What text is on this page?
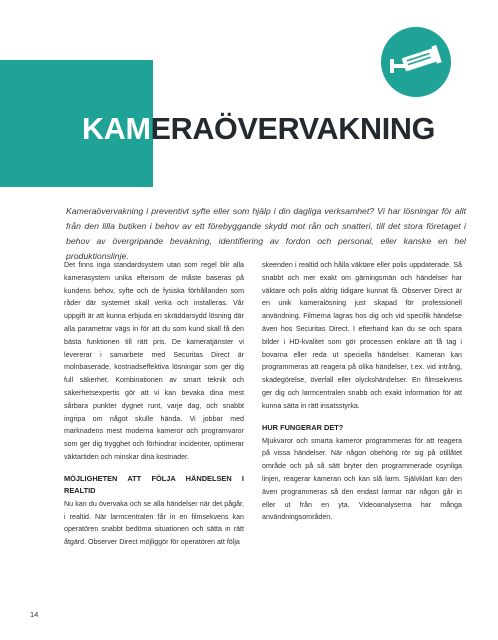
KAMERAÖVERVAKNING

Kameraövervakning i preventivt syfte eller som hjälp i din dagliga verksamhet? Vi har lösningar för allt från den lilla butiken i behov av ett förebyggande skydd mot rån och snatteri, till det stora företaget i behov av övergripande bevakning, identifiering av fordon och personal, eller kanske en hel produktionslinje.

Det finns inga standardsystem utan som regel blir alla kamerasystem unika eftersom de måste baseras på kundens behov, syfte och de fysiska förhållanden som råder där systemet skall verka och installeras. Vår uppgift är att kunna erbjuda en skräddarsydd lösning där alla parametrar vägs in för att du som kund skall få den bästa funktionen till rätt pris. De kameratjänster vi levererar i samarbete med Securitas Direct är molnbaserade, kostnadseffektiva lösningar som ger dig full säkerhet. Kombinationen av smart teknik och säkerhetsexpertis gör att vi kan bevaka dina mest sårbara punkter dygnet runt, varje dag, och snabbt ingripa om något skulle hända. Vi jobbar med marknadens mest moderna kameror och programvaror som ger dig trygghet och förhindrar incidenter, optimerar väktartiden och minskar dina kostnader.

MÖJLIGHETEN ATT FÖLJA HÄNDELSEN I REALTID

Nu kan du övervaka och se alla händelser när det pågår, i realtid. När larmcentralen får in en filmsekvens kan operatören snabbt bedöma situationen och sätta in rätt åtgärd. Observer Direct möjliggör för operatören att följa

skeenden i realtid och hålla väktare eller polis uppdaterade. Så snabbt och mer exakt om gärningsmän och händelser har väktare och polis aldrig tidigare kunnat få. Observer Direct är en unik kameralösning just skapad för professionell användning. Filmerna lagras hos dig och vid specifik händelse även hos Securitas Direct. I efterhand kan du se och spara bilder i HD-kvalitet som gör processen enklare att få tag i bovarna eller reda ut speciella händelser. Kameran kan programmeras att reagera på olika händelser, t.ex. vid intrång, skadegörelse, överfall eller olyckshändelser. En filmsekvens ger dig och larmcentralen snabb och exakt information för att kunna sätta in rätt insatsstyrka.

HUR FUNGERAR DET?

Mjukvaror och smarta kameror programmeras för att reagera på vissa händelser. När någon obehörig rör sig på otillåtet område och på så sätt bryter den programmerade osynliga linjen, reagerar kameran och kan slå larm. Självklart kan den även programmeras så den endast larmar när någon går in eller ut från en yta. Videoanalyserna har många användningsområden.

14
